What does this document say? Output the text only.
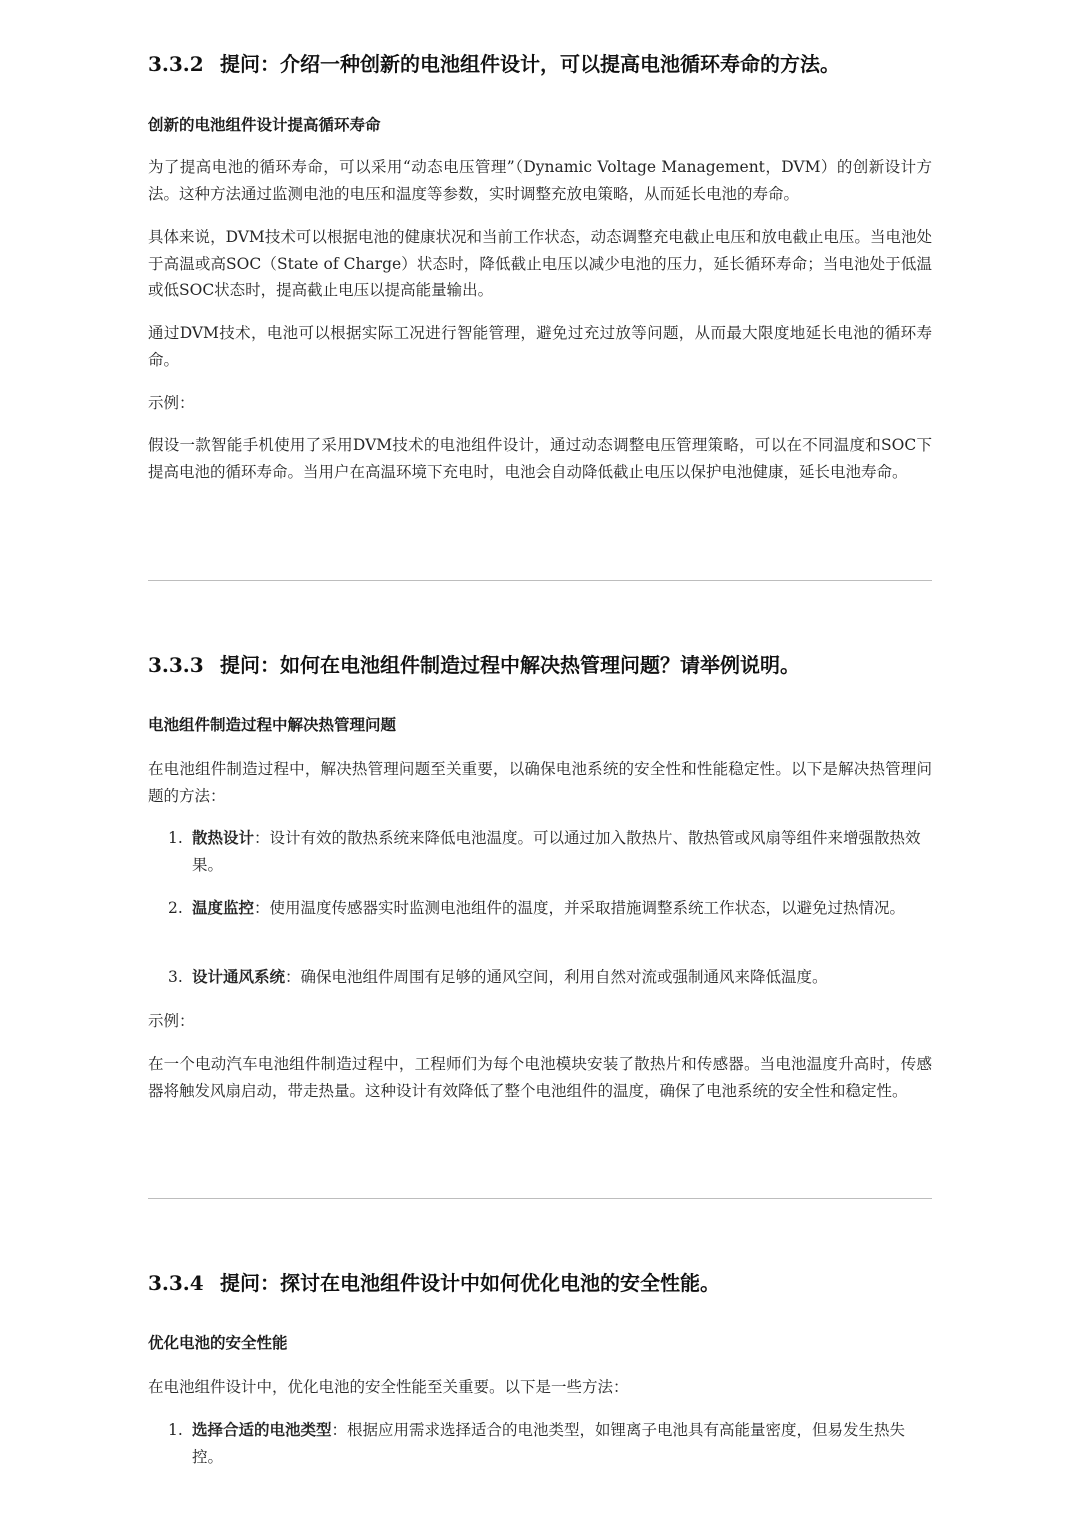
3.3.2 提问：介绍一种创新的电池组件设计，可以提高电池循环寿命的方法。
创新的电池组件设计提高循环寿命
为了提高电池的循环寿命，可以采用“动态电压管理”（Dynamic Voltage Management，DVM）的创新设计方法。这种方法通过监测电池的电压和温度等参数，实时调整充放电策略，从而延长电池的寿命。
具体来说，DVM技术可以根据电池的健康状况和当前工作状态，动态调整充电截止电压和放电截止电压。当电池处于高温或高SOC（State of Charge）状态时，降低截止电压以减少电池的压力，延长循环寿命；当电池处于低温或低SOC状态时，提高截止电压以提高能量输出。
通过DVM技术，电池可以根据实际工况进行智能管理，避免过充过放等问题，从而最大限度地延长电池的循环寿命。
示例：
假设一款智能手机使用了采用DVM技术的电池组件设计，通过动态调整电压管理策略，可以在不同温度和SOC下提高电池的循环寿命。当用户在高温环境下充电时，电池会自动降低截止电压以保护电池健康，延长电池寿命。
3.3.3 提问：如何在电池组件制造过程中解决热管理问题？请举例说明。
电池组件制造过程中解决热管理问题
在电池组件制造过程中，解决热管理问题至关重要，以确保电池系统的安全性和性能稳定性。以下是解决热管理问题的方法：
1. 散热设计：设计有效的散热系统来降低电池温度。可以通过加入散热片、散热管或风扇等组件来增强散热效果。
2. 温度监控：使用温度传感器实时监测电池组件的温度，并采取措施调整系统工作状态，以避免过热情况。
3. 设计通风系统：确保电池组件周围有足够的通风空间，利用自然对流或强制通风来降低温度。
示例：
在一个电动汽车电池组件制造过程中，工程师们为每个电池模块安装了散热片和传感器。当电池温度升高时，传感器将触发风扇启动，带走热量。这种设计有效降低了整个电池组件的温度，确保了电池系统的安全性和稳定性。
3.3.4 提问：探讨在电池组件设计中如何优化电池的安全性能。
优化电池的安全性能
在电池组件设计中，优化电池的安全性能至关重要。以下是一些方法：
1. 选择合适的电池类型：根据应用需求选择适合的电池类型，如锂离子电池具有高能量密度，但易发生热失控。
